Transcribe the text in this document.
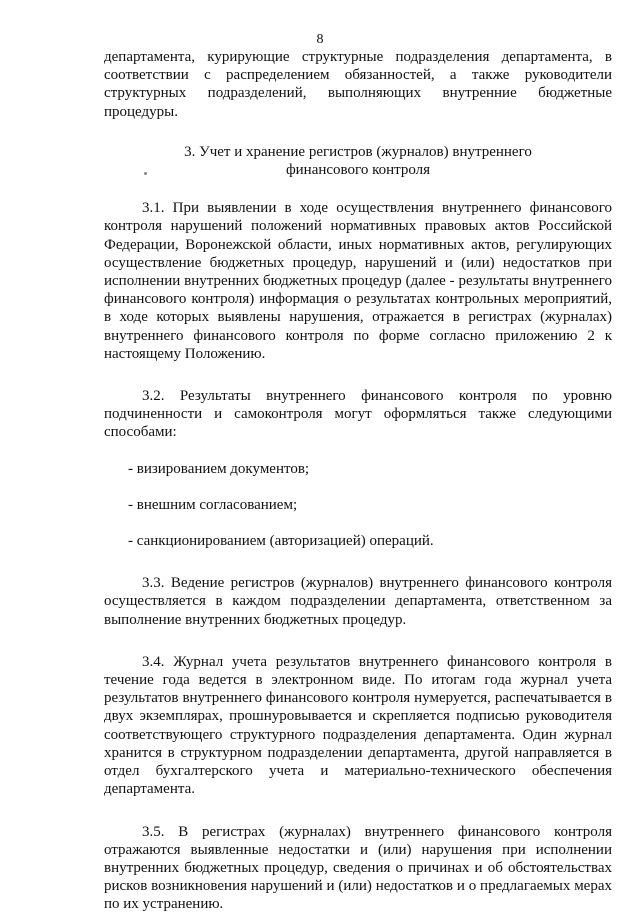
8

департамента, курирующие структурные подразделения департамента, в соответствии с распределением обязанностей, а также руководители структурных подразделений, выполняющих внутренние бюджетные процедуры.

3. Учет и хранение регистров (журналов) внутреннего
финансового контроля

3.1. При выявлении в ходе осуществления внутреннего финансового контроля нарушений положений нормативных правовых актов Российской Федерации, Воронежской области, иных нормативных актов, регулирующих осуществление бюджетных процедур, нарушений и (или) недостатков при исполнении внутренних бюджетных процедур (далее - результаты внутреннего финансового контроля) информация о результатах контрольных мероприятий, в ходе которых выявлены нарушения, отражается в регистрах (журналах) внутреннего финансового контроля по форме согласно приложению 2 к настоящему Положению.

3.2. Результаты внутреннего финансового контроля по уровню подчиненности и самоконтроля могут оформляться также следующими способами:

- визированием документов;

- внешним согласованием;

- санкционированием (авторизацией) операций.

3.3. Ведение регистров (журналов) внутреннего финансового контроля осуществляется в каждом подразделении департамента, ответственном за выполнение внутренних бюджетных процедур.

3.4. Журнал учета результатов внутреннего финансового контроля в течение года ведется в электронном виде. По итогам года журнал учета результатов внутреннего финансового контроля нумеруется, распечатывается в двух экземплярах, прошнуровывается и скрепляется подписью руководителя соответствующего структурного подразделения департамента. Один журнал хранится в структурном подразделении департамента, другой направляется в отдел бухгалтерского учета и материально-технического обеспечения департамента.

3.5. В регистрах (журналах) внутреннего финансового контроля отражаются выявленные недостатки и (или) нарушения при исполнении внутренних бюджетных процедур, сведения о причинах и об обстоятельствах рисков возникновения нарушений и (или) недостатков и о предлагаемых мерах по их устранению.
